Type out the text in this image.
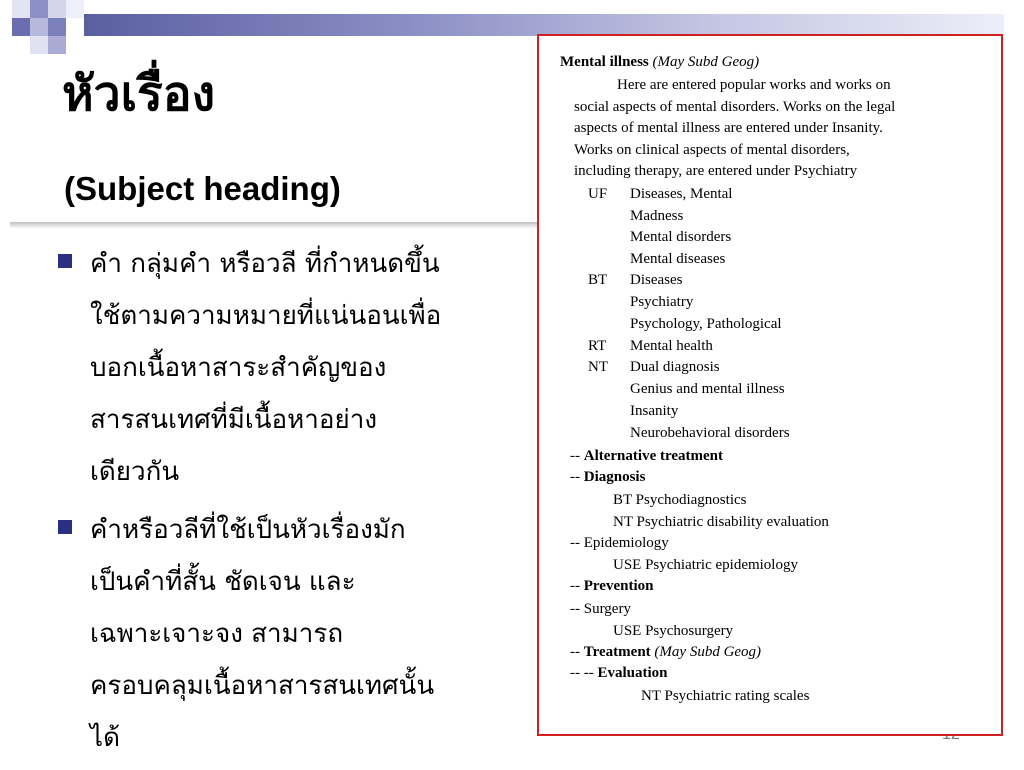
หัวเรื่อง
(Subject heading)
คำ กลุ่มคำ หรือวลี ที่กำหนดขึ้น
ใช้ตามความหมายที่แน่นอนเพื่อ
บอกเนื้อหาสาระสำคัญของ
สารสนเทศที่มีเนื้อหาอย่าง
เดียวกัน
คำหรือวลีที่ใช้เป็นหัวเรื่องมัก
เป็นคำที่สั้น ชัดเจน และ
เฉพาะเจาะจง สามารถ
ครอบคลุมเนื้อหาสารสนเทศนั้น
ได้
Mental illness (May Subd Geog)
Here are entered popular works and works on
social aspects of mental disorders. Works on the legal
aspects of mental illness are entered under Insanity.
Works on clinical aspects of mental disorders,
including therapy, are entered under Psychiatry
UF Diseases, Mental
Madness
Mental disorders
Mental diseases
BT Diseases
Psychiatry
Psychology, Pathological
RT Mental health
NT Dual diagnosis
Genius and mental illness
Insanity
Neurobehavioral disorders
-- Alternative treatment
-- Diagnosis
BT Psychodiagnostics
NT Psychiatric disability evaluation
-- Epidemiology
USE Psychiatric epidemiology
-- Prevention
-- Surgery
USE Psychosurgery
-- Treatment (May Subd Geog)
-- -- Evaluation
NT Psychiatric rating scales
